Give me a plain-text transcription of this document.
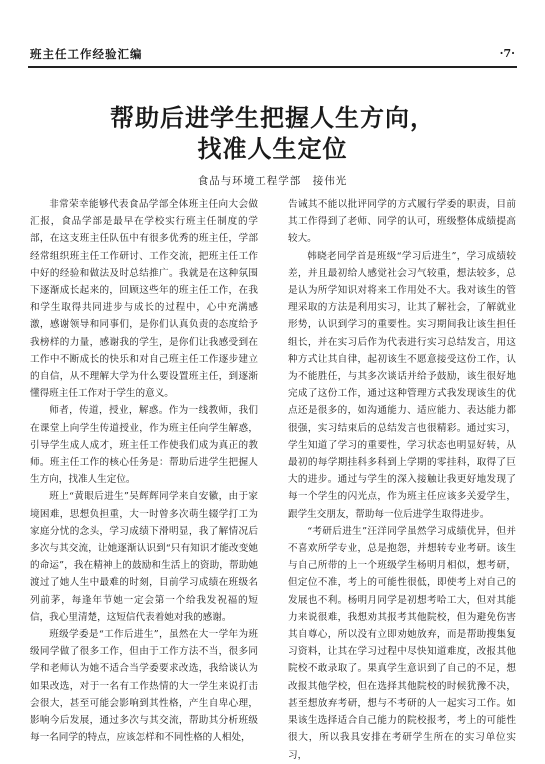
班主任工作经验汇编	·7·
帮助后进学生把握人生方向，
找准人生定位
食品与环境工程学部　接伟光

非常荣幸能够代表食品学部全体班主任向大会做汇报，食品学部是最早在学校实行班主任制度的学部，在这支班主任队伍中有很多优秀的班主任，学部经常组织班主任工作研讨、工作交流，把班主任工作中好的经验和做法及时总结推广。我就是在这种氛围下逐渐成长起来的，回顾这些年的班主任工作，在我和学生取得共同进步与成长的过程中，心中充满感激，感谢领导和同事们，是你们认真负责的态度给予我榜样的力量，感谢我的学生，是你们让我感受到在工作中不断成长的快乐和对自己班主任工作逐步建立的自信，从不理解大学为什么要设置班主任，到逐渐懂得班主任工作对于学生的意义。

师者，传道，授业，解惑。作为一线教师，我们在课堂上向学生传道授业，作为班主任向学生解惑，引导学生成人成才，班主任工作使我们成为真正的教师。班主任工作的核心任务是：帮助后进学生把握人生方向，找准人生定位。

班上“黄眼后进生”吴辉辉同学来自安徽，由于家境困难，思想负担重，大一时曾多次萌生辍学打工为家庭分忧的念头，学习成绩下滑明显，我了解情况后多次与其交流，让她逐渐认识到“只有知识才能改变她的命运”，我在精神上的鼓励和生活上的资助，帮助她渡过了她人生中最难的时刻，目前学习成绩在班级名列前茅，每逢年节她一定会第一个给我发祝福的短信，我心里清楚，这短信代表着她对我的感谢。

班级学委是“工作后进生”，虽然在大一学年为班级同学做了很多工作，但由于工作方法不当，很多同学和老师认为她不适合当学委要求改选，我给谈认为如果改选，对于一名有工作热情的大一学生来说打击会很大，甚至可能会影响到其性格，产生自卑心理，影响今后发展，通过多次与其交流，帮助其分析班级每一名同学的特点，应该怎样和不同性格的人相处，

告诫其不能以批评同学的方式履行学委的职责，目前其工作得到了老师、同学的认可，班级整体成绩提高较大。

韩晓老同学首是班级“学习后进生”，学习成绩较差，并且最初给人感觉社会习气较重，想法较多，总是认为所学知识对将来工作用处不大。我对该生的管理采取的方法是利用实习，让其了解社会，了解就业形势，认识到学习的重要性。实习期间我让该生担任组长，并在实习后作为代表进行实习总结发言，用这种方式让其自律，起初该生不愿意接受这份工作，认为不能胜任，与其多次谈话并给予鼓励，该生很好地完成了这份工作，通过这种管理方式我发现该生的优点还是很多的，如沟通能力、适应能力、表达能力都很强，实习结束后的总结发言也很精彩。通过实习，学生知道了学习的重要性，学习状态也明显好转，从最初的每学期挂科多科到上学期的零挂科，取得了巨大的进步。通过与学生的深入接触让我更好地发现了每一个学生的闪光点，作为班主任应该多关爱学生，跟学生交朋友，帮助每一位后进学生取得进步。

“考研后进生”汪洋同学虽然学习成绩优异，但并不喜欢所学专业，总是抱怨，并想转专业考研。该生与自己所带的上一个班级学生杨明月相似，想考研，但定位不准，考上的可能性很低，即使考上对自己的发展也不利。杨明月同学是初想考哈工大，但对其能力来说很难，我想劝其报考其他院校，但为避免伤害其自尊心，所以没有立即劝她放弃，而是帮助搜集复习资料，让其在学习过程中尽快知道难度，改报其他院校不敢录取了。果真学生意识到了自己的不足，想改报其他学校，但在选择其他院校的时候犹豫不决，甚至想放弃考研，想与不考研的人一起实习工作。如果该生选择适合自己能力的院校报考，考上的可能性很大，所以我具安排在考研学生所在的实习单位实习，
